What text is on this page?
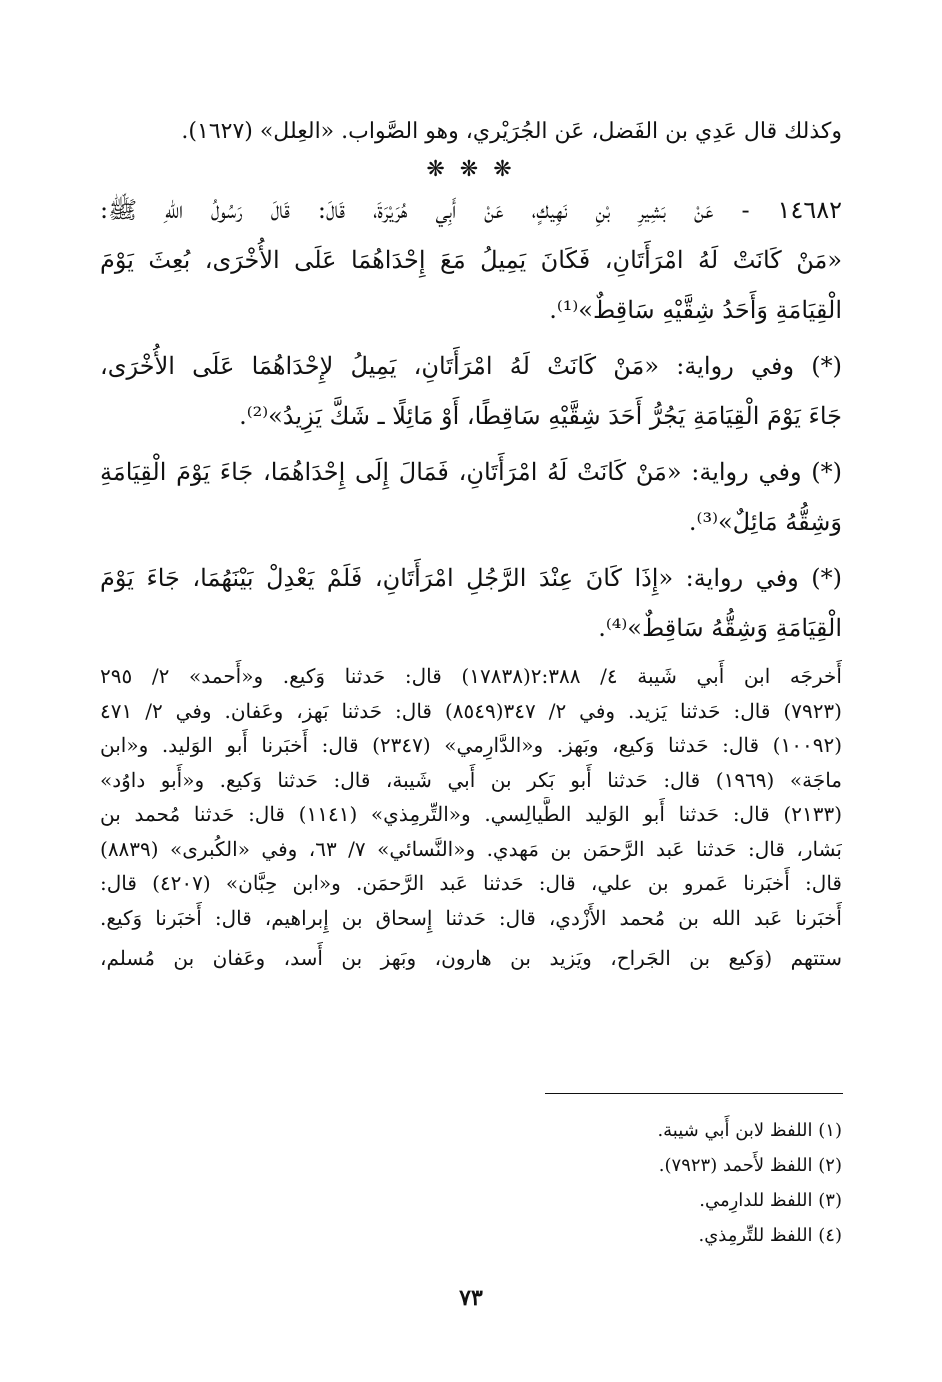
وكذلك قال عَدِي بن الفَضل، عَن الجُرَيْري، وهو الصَّواب. «العِلل» (١٦٢٧).
❋ ❋ ❋
١٤٦٨٢ - عَنْ بَشِيرِ بْنِ نَهِيكٍ، عَنْ أَبِي هُرَيْرَةَ، قَالَ: قَالَ رَسُولُ اللهِ ﷺ:
«مَنْ كَانَتْ لَهُ امْرَأَتَانِ، فَكَانَ يَمِيلُ مَعَ إِحْدَاهُمَا عَلَى الأُخْرَى، بُعِثَ يَوْمَ
الْقِيَامَةِ وَأَحَدُ شِقَّيْهِ سَاقِطٌ»⁽¹⁾.
(*) وفي رواية: «مَنْ كَانَتْ لَهُ امْرَأَتَانِ، يَمِيلُ لإِحْدَاهُمَا عَلَى الأُخْرَى،
جَاءَ يَوْمَ الْقِيَامَةِ يَجُرُّ أَحَدَ شِقَّيْهِ سَاقِطًا، أَوْ مَائِلًا ـ شَكَّ يَزِيدُ»⁽²⁾.
(*) وفي رواية: «مَنْ كَانَتْ لَهُ امْرَأَتَانِ، فَمَالَ إِلَى إِحْدَاهُمَا، جَاءَ يَوْمَ الْقِيَامَةِ
وَشِقُّهُ مَائِلٌ»⁽³⁾.
(*) وفي رواية: «إِذَا كَانَ عِنْدَ الرَّجُلِ امْرَأَتَانِ، فَلَمْ يَعْدِلْ بَيْنَهُمَا، جَاءَ يَوْمَ
الْقِيَامَةِ وَشِقُّهُ سَاقِطٌ»⁽⁴⁾.
أَخرجَه ابن أَبي شَيبة ٤/ ٢:٣٨٨(١٧٨٣٨) قال: حَدثنا وَكيع. و«أَحمد» ٢/ ٢٩٥
(٧٩٢٣) قال: حَدثنا يَزيد. وفي ٢/ ٣٤٧(٨٥٤٩) قال: حَدثنا بَهز، وعَفان. وفي ٢/ ٤٧١
(١٠٠٩٢) قال: حَدثنا وَكيع، وبَهز. و«الدَّارِمي» (٢٣٤٧) قال: أَخبَرنا أَبو الوَليد. و«ابن
ماجَة» (١٩٦٩) قال: حَدثنا أَبو بَكر بن أَبي شَيبة، قال: حَدثنا وَكيع. و«أَبو داوُد»
(٢١٣٣) قال: حَدثنا أَبو الوَليد الطَّيالِسي. و«التِّرمِذي» (١١٤١) قال: حَدثنا مُحمد بن
بَشار، قال: حَدثنا عَبد الرَّحمَن بن مَهدي. و«النَّسائي» ٧/ ٦٣، وفي «الكُبرى» (٨٨٣٩)
قال: أَخبَرنا عَمرو بن علي، قال: حَدثنا عَبد الرَّحمَن. و«ابن حِبَّان» (٤٢٠٧) قال:
أَخبَرنا عَبد الله بن مُحمد الأَزْدي، قال: حَدثنا إِسحاق بن إِبراهيم، قال: أَخبَرنا وَكيع.
ستتهم (وَكيع بن الجَراح، ويَزيد بن هارون، وبَهز بن أَسد، وعَفان بن مُسلم،
(١) اللفظ لابن أَبي شيبة.
(٢) اللفظ لأَحمد (٧٩٢٣).
(٣) اللفظ للدارِمي.
(٤) اللفظ للتِّرمِذي.
٧٣
